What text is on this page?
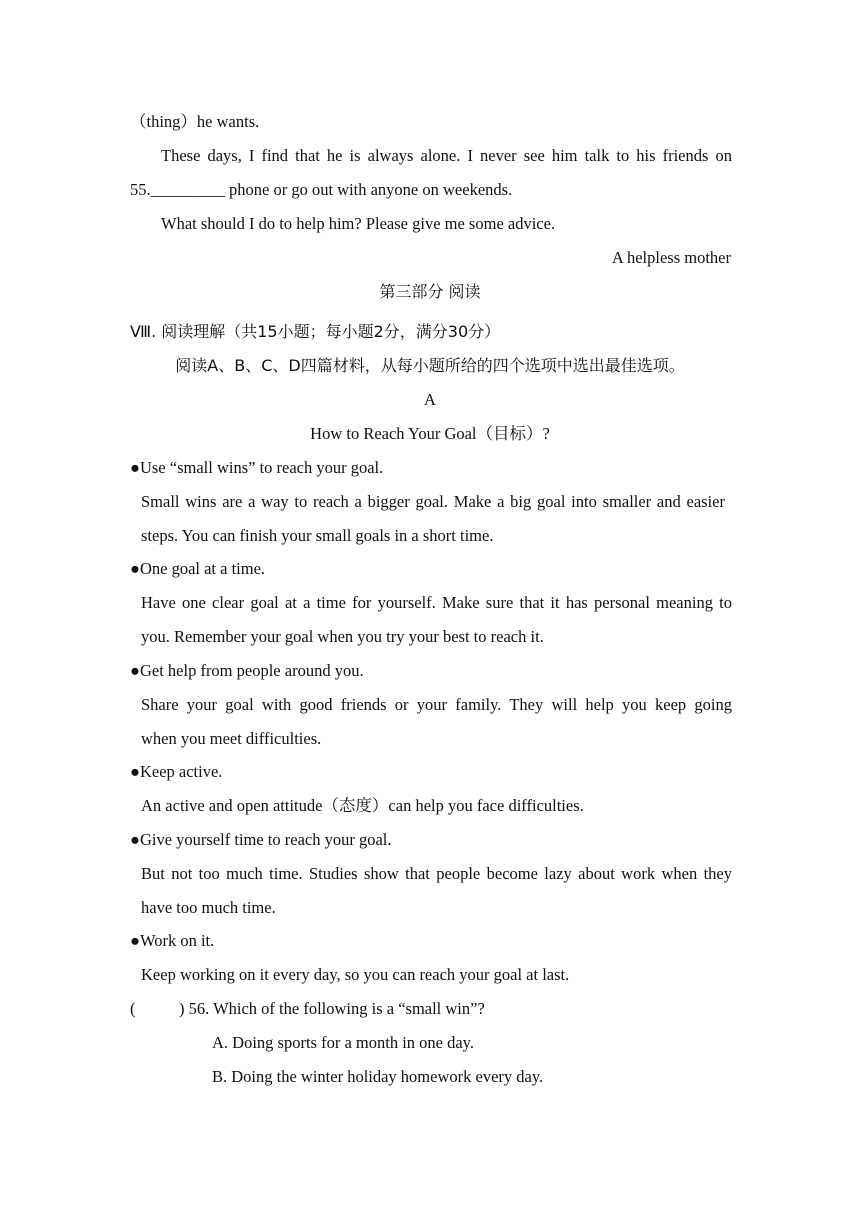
（thing）he wants.
These days, I find that he is always alone. I never see him talk to his friends on
55._________ phone or go out with anyone on weekends.
What should I do to help him? Please give me some advice.
A helpless mother
第三部分 阅读
Ⅷ. 阅读理解（共15小题；每小题2分，满分30分）
阅读A、B、C、D四篇材料，从每小题所给的四个选项中选出最佳选项。
A
How to Reach Your Goal（目标）?
●Use “small wins” to reach your goal.
Small wins are a way to reach a bigger goal. Make a big goal into smaller and easier
steps. You can finish your small goals in a short time.
●One goal at a time.
Have one clear goal at a time for yourself. Make sure that it has personal meaning to
you. Remember your goal when you try your best to reach it.
●Get help from people around you.
Share your goal with good friends or your family. They will help you keep going
when you meet difficulties.
●Keep active.
An active and open attitude（态度）can help you face difficulties.
●Give yourself time to reach your goal.
But not too much time. Studies show that people become lazy about work when they
have too much time.
●Work on it.
Keep working on it every day, so you can reach your goal at last.
(	) 56. Which of the following is a “small win”?
A. Doing sports for a month in one day.
B. Doing the winter holiday homework every day.
